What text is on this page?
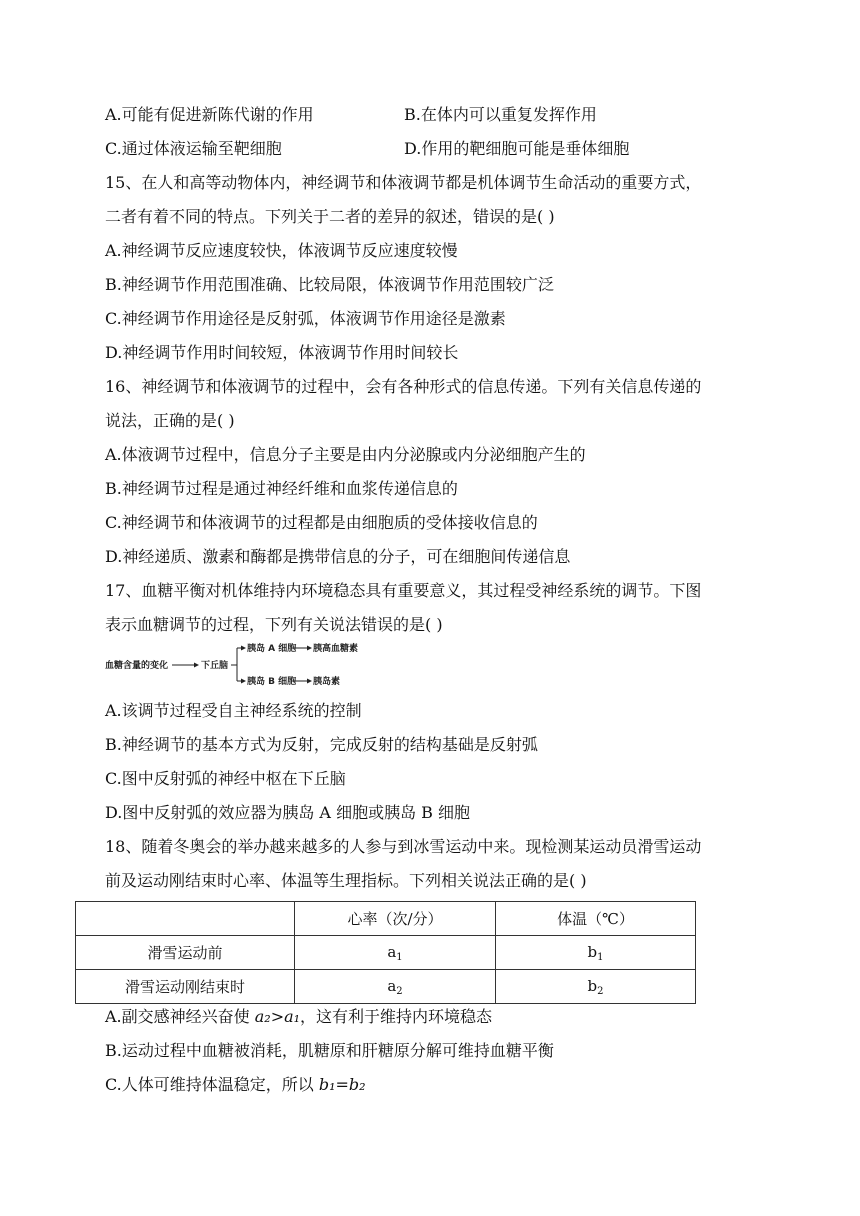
A.可能有促进新陈代谢的作用	B.在体内可以重复发挥作用
C.通过体液运输至靶细胞	D.作用的靶细胞可能是垂体细胞
15、在人和高等动物体内，神经调节和体液调节都是机体调节生命活动的重要方式，
二者有着不同的特点。下列关于二者的差异的叙述，错误的是( )
A.神经调节反应速度较快，体液调节反应速度较慢
B.神经调节作用范围准确、比较局限，体液调节作用范围较广泛
C.神经调节作用途径是反射弧，体液调节作用途径是激素
D.神经调节作用时间较短，体液调节作用时间较长
16、神经调节和体液调节的过程中，会有各种形式的信息传递。下列有关信息传递的
说法，正确的是( )
A.体液调节过程中，信息分子主要是由内分泌腺或内分泌细胞产生的
B.神经调节过程是通过神经纤维和血浆传递信息的
C.神经调节和体液调节的过程都是由细胞质的受体接收信息的
D.神经递质、激素和酶都是携带信息的分子，可在细胞间传递信息
17、血糖平衡对机体维持内环境稳态具有重要意义，其过程受神经系统的调节。下图
表示血糖调节的过程，下列有关说法错误的是( )
血糖含量的变化	下丘脑
胰岛 A 细胞 胰高血糖素
胰岛 B 细胞 胰岛素
A.该调节过程受自主神经系统的控制
B.神经调节的基本方式为反射，完成反射的结构基础是反射弧
C.图中反射弧的神经中枢在下丘脑
D.图中反射弧的效应器为胰岛 A 细胞或胰岛 B 细胞
18、随着冬奥会的举办越来越多的人参与到冰雪运动中来。现检测某运动员滑雪运动
前及运动刚结束时心率、体温等生理指标。下列相关说法正确的是( )
	心率（次/分）	体温（℃）
滑雪运动前	$a_1$	$b_1$
滑雪运动刚结束时	$a_2$	$b_2$
A.副交感神经兴奋使 a₂>a₁，这有利于维持内环境稳态
B.运动过程中血糖被消耗，肌糖原和肝糖原分解可维持血糖平衡
C.人体可维持体温稳定，所以 b₁=b₂
